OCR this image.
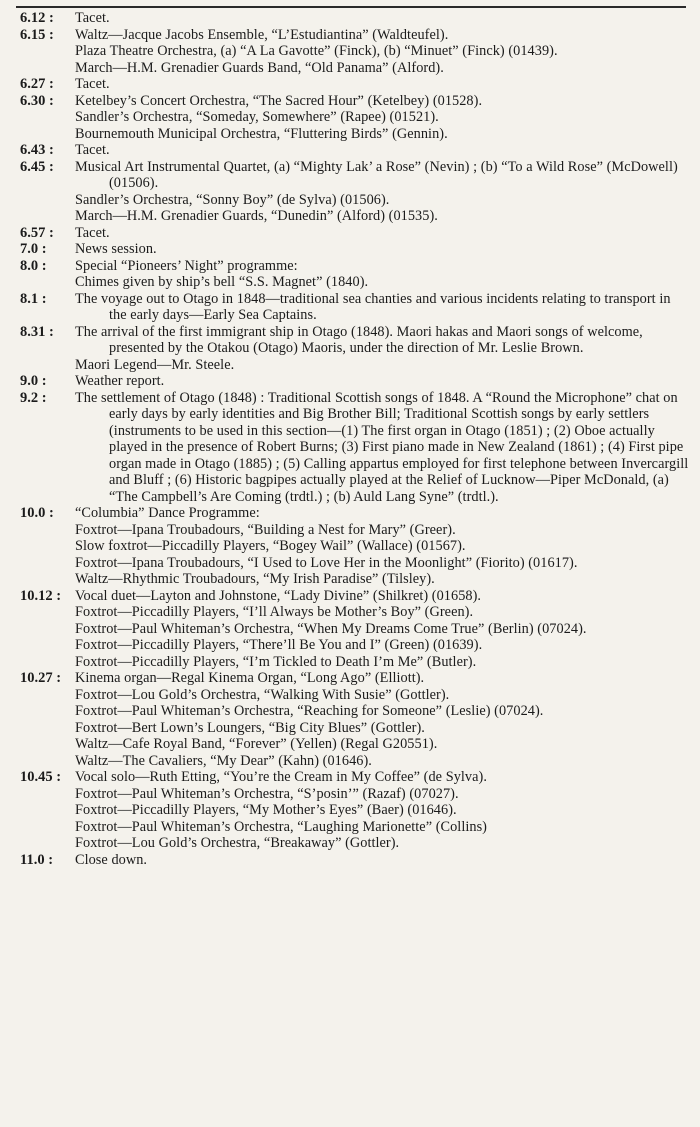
6.12 :	Tacet.
6.15 :	Waltz—Jacque Jacobs Ensemble, “L’Estudiantina” (Waldteufel).
Plaza Theatre Orchestra, (a) “A La Gavotte” (Finck), (b) “Minuet” (Finck) (01439).
March—H.M. Grenadier Guards Band, “Old Panama” (Alford).
6.27 :	Tacet.
6.30 :	Ketelbey’s Concert Orchestra, “The Sacred Hour” (Ketelbey) (01528).
Sandler’s Orchestra, “Someday, Somewhere” (Rapee) (01521).
Bournemouth Municipal Orchestra, “Fluttering Birds” (Gennin).
6.43 :	Tacet.
6.45 :	Musical Art Instrumental Quartet, (a) “Mighty Lak’ a Rose” (Nevin) ; (b) “To a Wild Rose” (McDowell) (01506).
Sandler’s Orchestra, “Sonny Boy” (de Sylva) (01506).
March—H.M. Grenadier Guards, “Dunedin” (Alford) (01535).
6.57 :	Tacet.
7.0 :	News session.
8.0 :	Special “Pioneers’ Night” programme:
Chimes given by ship’s bell “S.S. Magnet” (1840).
8.1 :	The voyage out to Otago in 1848—traditional sea chanties and various incidents relating to transport in the early days—Early Sea Captains.
8.31 :	The arrival of the first immigrant ship in Otago (1848). Maori hakas and Maori songs of welcome, presented by the Otakou (Otago) Maoris, under the direction of Mr. Leslie Brown.
Maori Legend—Mr. Steele.
9.0 :	Weather report.
9.2 :	The settlement of Otago (1848) : Traditional Scottish songs of 1848. A “Round the Microphone” chat on early days by early identities and Big Brother Bill; Traditional Scottish songs by early settlers (instruments to be used in this section—(1) The first organ in Otago (1851) ; (2) Oboe actually played in the presence of Robert Burns; (3) First piano made in New Zealand (1861) ; (4) First pipe organ made in Otago (1885) ; (5) Calling appartus employed for first telephone between Invercargill and Bluff ; (6) Historic bagpipes actually played at the Relief of Lucknow—Piper McDonald, (a) “The Campbell’s Are Coming (trdtl.) ; (b) Auld Lang Syne” (trdtl.).
10.0 :	“Columbia” Dance Programme:
Foxtrot—Ipana Troubadours, “Building a Nest for Mary” (Greer).
Slow foxtrot—Piccadilly Players, “Bogey Wail” (Wallace) (01567).
Foxtrot—Ipana Troubadours, “I Used to Love Her in the Moonlight” (Fiorito) (01617).
Waltz—Rhythmic Troubadours, “My Irish Paradise” (Tilsley).
10.12 : Vocal duet—Layton and Johnstone, “Lady Divine” (Shilkret) (01658).
Foxtrot—Piccadilly Players, “I’ll Always be Mother’s Boy” (Green).
Foxtrot—Paul Whiteman’s Orchestra, “When My Dreams Come True” (Berlin) (07024).
Foxtrot—Piccadilly Players, “There’ll Be You and I” (Green) (01639).
Foxtrot—Piccadilly Players, “I’m Tickled to Death I’m Me” (Butler).
10.27 : Kinema organ—Regal Kinema Organ, “Long Ago” (Elliott).
Foxtrot—Lou Gold’s Orchestra, “Walking With Susie” (Gottler).
Foxtrot—Paul Whiteman’s Orchestra, “Reaching for Someone” (Leslie) (07024).
Foxtrot—Bert Lown’s Loungers, “Big City Blues” (Gottler).
Waltz—Cafe Royal Band, “Forever” (Yellen) (Regal G20551).
Waltz—The Cavaliers, “My Dear” (Kahn) (01646).
10.45 : Vocal solo—Ruth Etting, “You’re the Cream in My Coffee” (de Sylva).
Foxtrot—Paul Whiteman’s Orchestra, “S’posin’” (Razaf) (07027).
Foxtrot—Piccadilly Players, “My Mother’s Eyes” (Baer) (01646).
Foxtrot—Paul Whiteman’s Orchestra, “Laughing Marionette” (Collins)
Foxtrot—Lou Gold’s Orchestra, “Breakaway” (Gottler).
11.0 :	Close down.
